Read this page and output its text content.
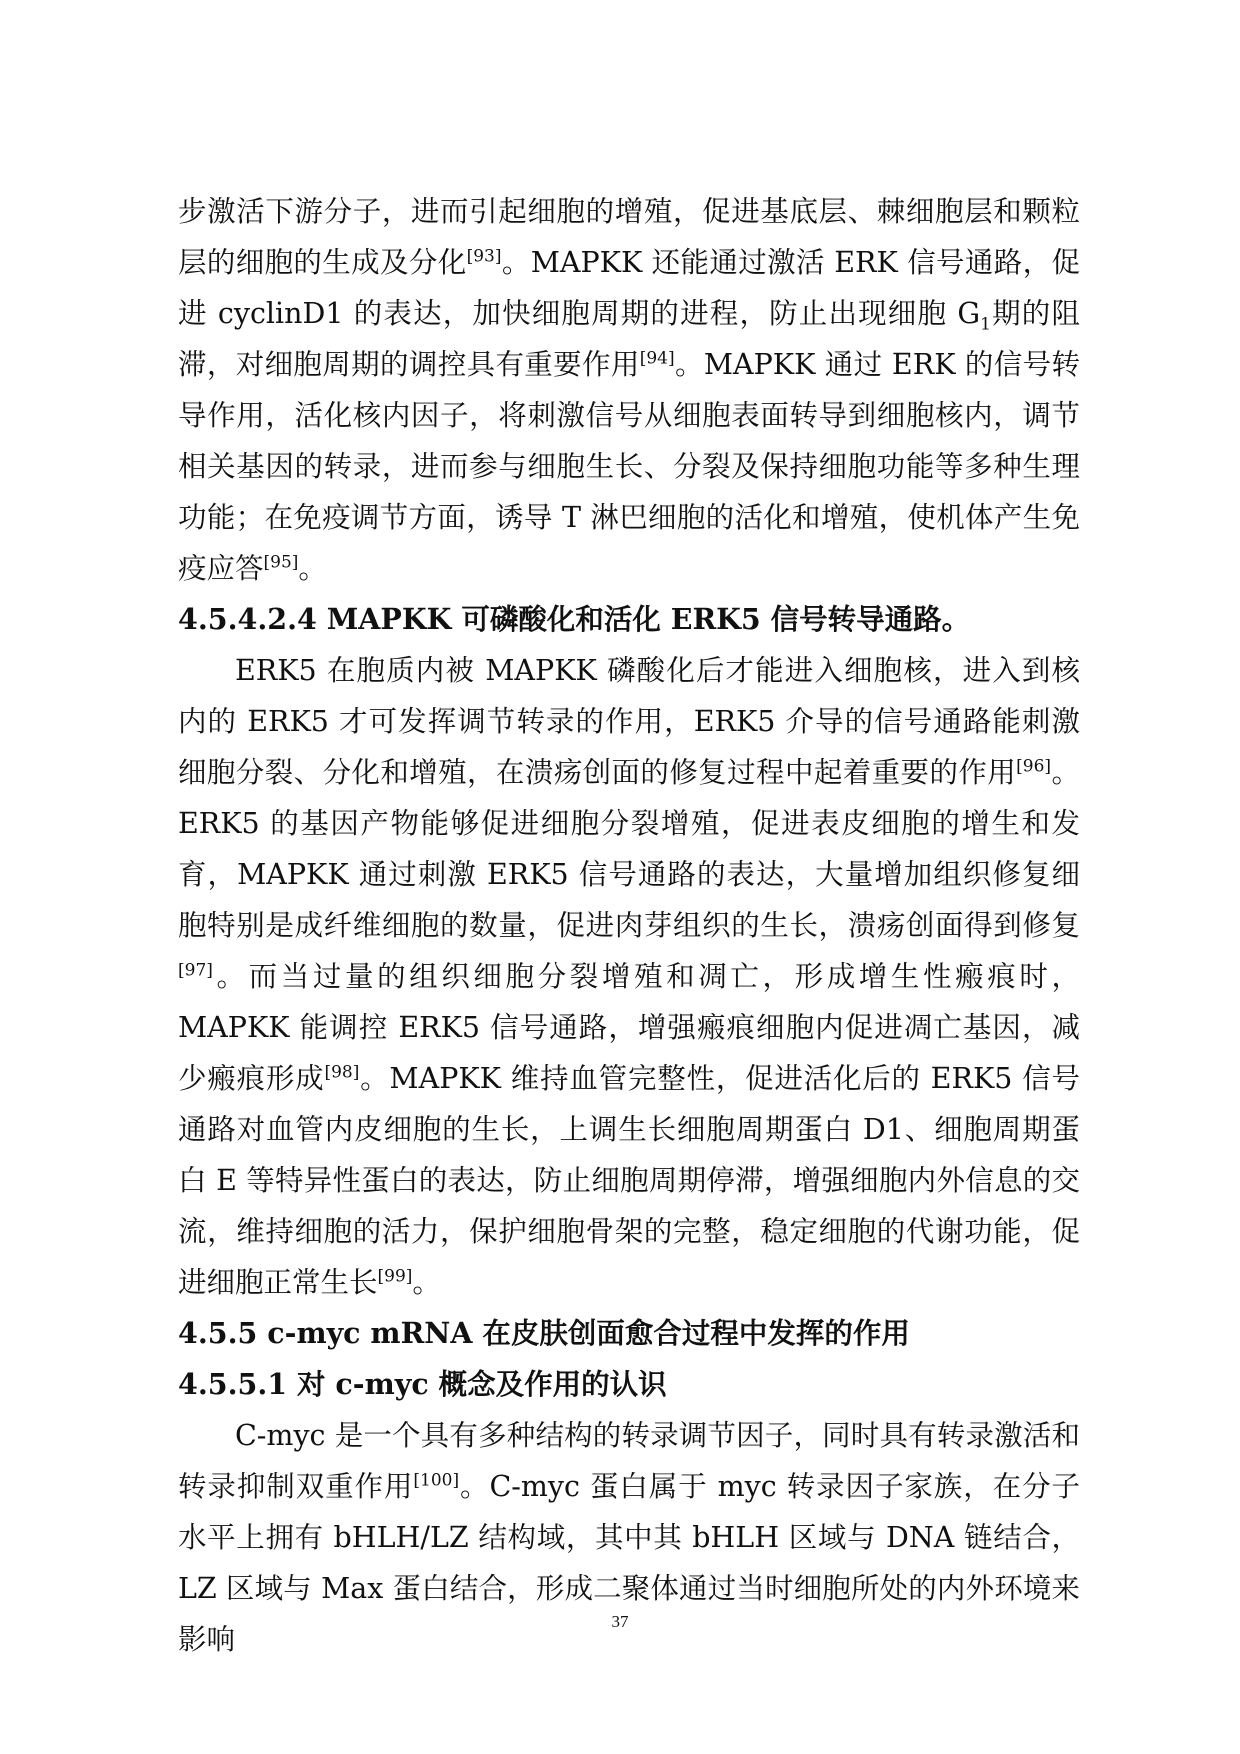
步激活下游分子，进而引起细胞的增殖，促进基底层、棘细胞层和颗粒层的细胞的生成及分化[93]。MAPKK 还能通过激活 ERK 信号通路，促进 cyclinD1 的表达，加快细胞周期的进程，防止出现细胞 $G_1$期的阻滞，对细胞周期的调控具有重要作用[94]。MAPKK 通过 ERK 的信号转导作用，活化核内因子，将刺激信号从细胞表面转导到细胞核内，调节相关基因的转录，进而参与细胞生长、分裂及保持细胞功能等多种生理功能；在免疫调节方面，诱导 T 淋巴细胞的活化和增殖，使机体产生免疫应答[95]。

4.5.4.2.4 MAPKK 可磷酸化和活化 ERK5 信号转导通路。

ERK5 在胞质内被 MAPKK 磷酸化后才能进入细胞核，进入到核内的 ERK5 才可发挥调节转录的作用，ERK5 介导的信号通路能刺激细胞分裂、分化和增殖，在溃疡创面的修复过程中起着重要的作用[96]。ERK5 的基因产物能够促进细胞分裂增殖，促进表皮细胞的增生和发育，MAPKK 通过刺激 ERK5 信号通路的表达，大量增加组织修复细胞特别是成纤维细胞的数量，促进肉芽组织的生长，溃疡创面得到修复[97]。而当过量的组织细胞分裂增殖和凋亡，形成增生性瘢痕时，MAPKK 能调控 ERK5 信号通路，增强瘢痕细胞内促进凋亡基因，减少瘢痕形成[98]。MAPKK 维持血管完整性，促进活化后的 ERK5 信号通路对血管内皮细胞的生长，上调生长细胞周期蛋白 D1、细胞周期蛋白 E 等特异性蛋白的表达，防止细胞周期停滞，增强细胞内外信息的交流，维持细胞的活力，保护细胞骨架的完整，稳定细胞的代谢功能，促进细胞正常生长[99]。

4.5.5 c-myc mRNA 在皮肤创面愈合过程中发挥的作用

4.5.5.1 对 c-myc 概念及作用的认识

C-myc 是一个具有多种结构的转录调节因子，同时具有转录激活和转录抑制双重作用[100]。C-myc 蛋白属于 myc 转录因子家族，在分子水平上拥有 bHLH/LZ 结构域，其中其 bHLH 区域与 DNA 链结合，LZ 区域与 Max 蛋白结合，形成二聚体通过当时细胞所处的内外环境来影响

37
